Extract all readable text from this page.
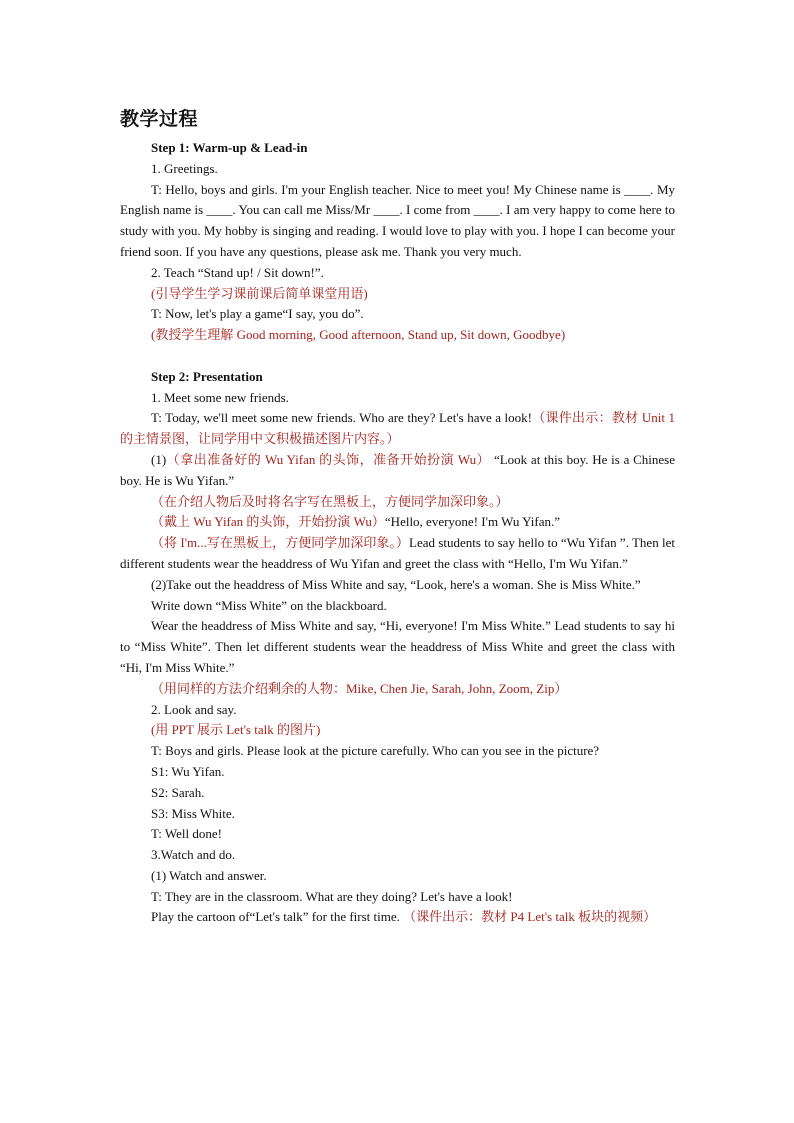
教学过程

Step 1: Warm-up & Lead-in

1. Greetings.

T: Hello, boys and girls. I'm your English teacher. Nice to meet you! My Chinese name is ____. My English name is ____. You can call me Miss/Mr ____. I come from ____. I am very happy to come here to study with you. My hobby is singing and reading. I would love to play with you. I hope I can become your friend soon. If you have any questions, please ask me. Thank you very much.

2. Teach “Stand up! / Sit down!”.

(引导学生学习课前课后简单课堂用语)

T: Now, let's play a game“I say, you do”.

(教授学生理解 Good morning, Good afternoon, Stand up, Sit down, Goodbye)

Step 2: Presentation

1. Meet some new friends.

T: Today, we'll meet some new friends. Who are they? Let's have a look!（课件出示：教材 Unit 1 的主情景图，让同学用中文积极描述图片内容。）

(1)（拿出准备好的 Wu Yifan 的头饰，准备开始扮演 Wu） “Look at this boy. He is a Chinese boy. He is Wu Yifan.”

（在介绍人物后及时将名字写在黑板上，方便同学加深印象。）

（戴上 Wu Yifan 的头饰，开始扮演 Wu）“Hello, everyone! I'm Wu Yifan.”

（将 I'm...写在黑板上，方便同学加深印象。）Lead students to say hello to “Wu Yifan ”. Then let different students wear the headdress of Wu Yifan and greet the class with “Hello, I'm Wu Yifan.”

(2)Take out the headdress of Miss White and say, “Look, here's a woman. She is Miss White.”

Write down “Miss White” on the blackboard.

Wear the headdress of Miss White and say, “Hi, everyone! I'm Miss White.” Lead students to say hi to “Miss White”. Then let different students wear the headdress of Miss White and greet the class with “Hi, I'm Miss White.”

（用同样的方法介绍剩余的人物：Mike, Chen Jie, Sarah, John, Zoom, Zip）

2. Look and say.

(用 PPT 展示 Let's talk 的图片)

T: Boys and girls. Please look at the picture carefully. Who can you see in the picture?

S1: Wu Yifan.

S2: Sarah.

S3: Miss White.

T: Well done!

3.Watch and do.

(1) Watch and answer.

T: They are in the classroom. What are they doing? Let's have a look!

Play the cartoon of“Let's talk” for the first time. （课件出示：教材 P4 Let's talk 板块的视频）
